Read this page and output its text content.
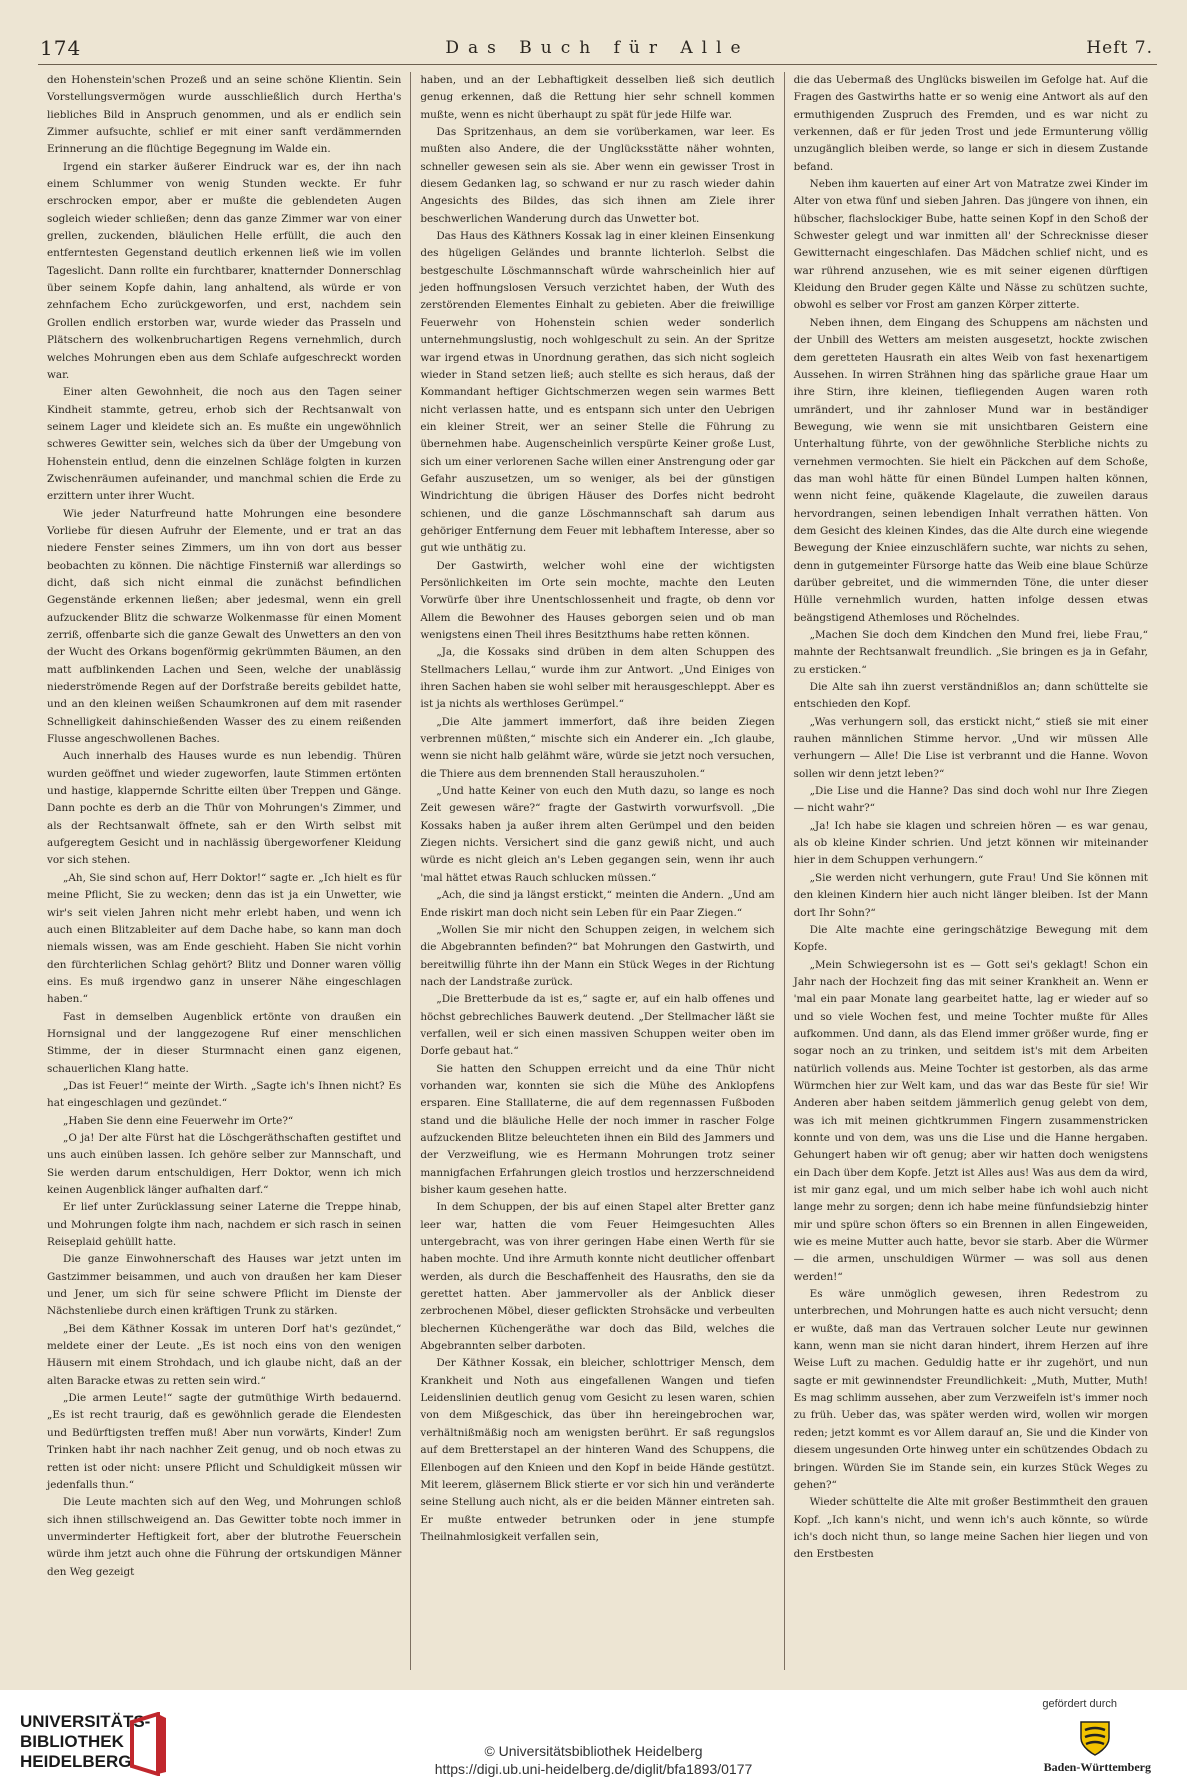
174	Das Buch für Alle	Heft 7.

den Hohenstein'schen Prozeß und an seine schöne Klientin. Sein Vorstellungsvermögen wurde ausschließlich durch Hertha's liebliches Bild in Anspruch genommen, und als er endlich sein Zimmer aufsuchte, schlief er mit einer sanft verdämmernden Erinnerung an die flüchtige Begegnung im Walde ein.

Irgend ein starker äußerer Eindruck war es, der ihn nach einem Schlummer von wenig Stunden weckte. Er fuhr erschrocken empor, aber er mußte die geblendeten Augen sogleich wieder schließen; denn das ganze Zimmer war von einer grellen, zuckenden, bläulichen Helle erfüllt, die auch den entferntesten Gegenstand deutlich erkennen ließ wie im vollen Tageslicht. Dann rollte ein furchtbarer, knatternder Donnerschlag über seinem Kopfe dahin, lang anhaltend, als würde er von zehnfachem Echo zurückgeworfen, und erst, nachdem sein Grollen endlich erstorben war, wurde wieder das Prasseln und Plätschern des wolkenbruchartigen Regens vernehmlich, durch welches Mohrungen eben aus dem Schlafe aufgeschreckt worden war.

Einer alten Gewohnheit, die noch aus den Tagen seiner Kindheit stammte, getreu, erhob sich der Rechtsanwalt von seinem Lager und kleidete sich an. Es mußte ein ungewöhnlich schweres Gewitter sein, welches sich da über der Umgebung von Hohenstein entlud, denn die einzelnen Schläge folgten in kurzen Zwischenräumen aufeinander, und manchmal schien die Erde zu erzittern unter ihrer Wucht.

Wie jeder Naturfreund hatte Mohrungen eine besondere Vorliebe für diesen Aufruhr der Elemente, und er trat an das niedere Fenster seines Zimmers, um ihn von dort aus besser beobachten zu können. Die nächtige Finsterniß war allerdings so dicht, daß sich nicht einmal die zunächst befindlichen Gegenstände erkennen ließen; aber jedesmal, wenn ein grell aufzuckender Blitz die schwarze Wolkenmasse für einen Moment zerriß, offenbarte sich die ganze Gewalt des Unwetters an den von der Wucht des Orkans bogenförmig gekrümmten Bäumen, an den matt aufblinkenden Lachen und Seen, welche der unablässig niederströmende Regen auf der Dorfstraße bereits gebildet hatte, und an den kleinen weißen Schaumkronen auf dem mit rasender Schnelligkeit dahinschießenden Wasser des zu einem reißenden Flusse angeschwollenen Baches.

Auch innerhalb des Hauses wurde es nun lebendig. Thüren wurden geöffnet und wieder zugeworfen, laute Stimmen ertönten und hastige, klappernde Schritte eilten über Treppen und Gänge. Dann pochte es derb an die Thür von Mohrungen's Zimmer, und als der Rechtsanwalt öffnete, sah er den Wirth selbst mit aufgeregtem Gesicht und in nachlässig übergeworfener Kleidung vor sich stehen.

„Ah, Sie sind schon auf, Herr Doktor!“ sagte er. „Ich hielt es für meine Pflicht, Sie zu wecken; denn das ist ja ein Unwetter, wie wir's seit vielen Jahren nicht mehr erlebt haben, und wenn ich auch einen Blitzableiter auf dem Dache habe, so kann man doch niemals wissen, was am Ende geschieht. Haben Sie nicht vorhin den fürchterlichen Schlag gehört? Blitz und Donner waren völlig eins. Es muß irgendwo ganz in unserer Nähe eingeschlagen haben.“

Fast in demselben Augenblick ertönte von draußen ein Hornsignal und der langgezogene Ruf einer menschlichen Stimme, der in dieser Sturmnacht einen ganz eigenen, schauerlichen Klang hatte.

„Das ist Feuer!“ meinte der Wirth. „Sagte ich's Ihnen nicht? Es hat eingeschlagen und gezündet.“

„Haben Sie denn eine Feuerwehr im Orte?“

„O ja! Der alte Fürst hat die Löschgeräthschaften gestiftet und uns auch einüben lassen. Ich gehöre selber zur Mannschaft, und Sie werden darum entschuldigen, Herr Doktor, wenn ich mich keinen Augenblick länger aufhalten darf.“

Er lief unter Zurücklassung seiner Laterne die Treppe hinab, und Mohrungen folgte ihm nach, nachdem er sich rasch in seinen Reiseplaid gehüllt hatte.

Die ganze Einwohnerschaft des Hauses war jetzt unten im Gastzimmer beisammen, und auch von draußen her kam Dieser und Jener, um sich für seine schwere Pflicht im Dienste der Nächstenliebe durch einen kräftigen Trunk zu stärken.

„Bei dem Käthner Kossak im unteren Dorf hat's gezündet,“ meldete einer der Leute. „Es ist noch eins von den wenigen Häusern mit einem Strohdach, und ich glaube nicht, daß an der alten Baracke etwas zu retten sein wird.“

„Die armen Leute!“ sagte der gutmüthige Wirth bedauernd. „Es ist recht traurig, daß es gewöhnlich gerade die Elendesten und Bedürftigsten treffen muß! Aber nun vorwärts, Kinder! Zum Trinken habt ihr nach nachher Zeit genug, und ob noch etwas zu retten ist oder nicht: unsere Pflicht und Schuldigkeit müssen wir jedenfalls thun.“

Die Leute machten sich auf den Weg, und Mohrungen schloß sich ihnen stillschweigend an. Das Gewitter tobte noch immer in unverminderter Heftigkeit fort, aber der blutrothe Feuerschein würde ihm jetzt auch ohne die Führung der ortskundigen Männer den Weg gezeigt

haben, und an der Lebhaftigkeit desselben ließ sich deutlich genug erkennen, daß die Rettung hier sehr schnell kommen mußte, wenn es nicht überhaupt zu spät für jede Hilfe war.

Das Spritzenhaus, an dem sie vorüberkamen, war leer. Es mußten also Andere, die der Unglücksstätte näher wohnten, schneller gewesen sein als sie. Aber wenn ein gewisser Trost in diesem Gedanken lag, so schwand er nur zu rasch wieder dahin Angesichts des Bildes, das sich ihnen am Ziele ihrer beschwerlichen Wanderung durch das Unwetter bot.

Das Haus des Käthners Kossak lag in einer kleinen Einsenkung des hügeligen Geländes und brannte lichterloh. Selbst die bestgeschulte Löschmannschaft würde wahrscheinlich hier auf jeden hoffnungslosen Versuch verzichtet haben, der Wuth des zerstörenden Elementes Einhalt zu gebieten. Aber die freiwillige Feuerwehr von Hohenstein schien weder sonderlich unternehmungslustig, noch wohlgeschult zu sein. An der Spritze war irgend etwas in Unordnung gerathen, das sich nicht sogleich wieder in Stand setzen ließ; auch stellte es sich heraus, daß der Kommandant heftiger Gichtschmerzen wegen sein warmes Bett nicht verlassen hatte, und es entspann sich unter den Uebrigen ein kleiner Streit, wer an seiner Stelle die Führung zu übernehmen habe. Augenscheinlich verspürte Keiner große Lust, sich um einer verlorenen Sache willen einer Anstrengung oder gar Gefahr auszusetzen, um so weniger, als bei der günstigen Windrichtung die übrigen Häuser des Dorfes nicht bedroht schienen, und die ganze Löschmannschaft sah darum aus gehöriger Entfernung dem Feuer mit lebhaftem Interesse, aber so gut wie unthätig zu.

Der Gastwirth, welcher wohl eine der wichtigsten Persönlichkeiten im Orte sein mochte, machte den Leuten Vorwürfe über ihre Unentschlossenheit und fragte, ob denn vor Allem die Bewohner des Hauses geborgen seien und ob man wenigstens einen Theil ihres Besitzthums habe retten können.

„Ja, die Kossaks sind drüben in dem alten Schuppen des Stellmachers Lellau,“ wurde ihm zur Antwort. „Und Einiges von ihren Sachen haben sie wohl selber mit herausgeschleppt. Aber es ist ja nichts als werthloses Gerümpel.“

„Die Alte jammert immerfort, daß ihre beiden Ziegen verbrennen müßten,“ mischte sich ein Anderer ein. „Ich glaube, wenn sie nicht halb gelähmt wäre, würde sie jetzt noch versuchen, die Thiere aus dem brennenden Stall herauszuholen.“

„Und hatte Keiner von euch den Muth dazu, so lange es noch Zeit gewesen wäre?“ fragte der Gastwirth vorwurfsvoll. „Die Kossaks haben ja außer ihrem alten Gerümpel und den beiden Ziegen nichts. Versichert sind die ganz gewiß nicht, und auch würde es nicht gleich an's Leben gegangen sein, wenn ihr auch 'mal hättet etwas Rauch schlucken müssen.“

„Ach, die sind ja längst erstickt,“ meinten die Andern. „Und am Ende riskirt man doch nicht sein Leben für ein Paar Ziegen.“

„Wollen Sie mir nicht den Schuppen zeigen, in welchem sich die Abgebrannten befinden?“ bat Mohrungen den Gastwirth, und bereitwillig führte ihn der Mann ein Stück Weges in der Richtung nach der Landstraße zurück.

„Die Bretterbude da ist es,“ sagte er, auf ein halb offenes und höchst gebrechliches Bauwerk deutend. „Der Stellmacher läßt sie verfallen, weil er sich einen massiven Schuppen weiter oben im Dorfe gebaut hat.“

Sie hatten den Schuppen erreicht und da eine Thür nicht vorhanden war, konnten sie sich die Mühe des Anklopfens ersparen. Eine Stalllaterne, die auf dem regennassen Fußboden stand und die bläuliche Helle der noch immer in rascher Folge aufzuckenden Blitze beleuchteten ihnen ein Bild des Jammers und der Verzweiflung, wie es Hermann Mohrungen trotz seiner mannigfachen Erfahrungen gleich trostlos und herzzerschneidend bisher kaum gesehen hatte.

In dem Schuppen, der bis auf einen Stapel alter Bretter ganz leer war, hatten die vom Feuer Heimgesuchten Alles untergebracht, was von ihrer geringen Habe einen Werth für sie haben mochte. Und ihre Armuth konnte nicht deutlicher offenbart werden, als durch die Beschaffenheit des Hausraths, den sie da gerettet hatten. Aber jammervoller als der Anblick dieser zerbrochenen Möbel, dieser geflickten Strohsäcke und verbeulten blechernen Küchengeräthe war doch das Bild, welches die Abgebrannten selber darboten.

Der Käthner Kossak, ein bleicher, schlottriger Mensch, dem Krankheit und Noth aus eingefallenen Wangen und tiefen Leidenslinien deutlich genug vom Gesicht zu lesen waren, schien von dem Mißgeschick, das über ihn hereingebrochen war, verhältnißmäßig noch am wenigsten berührt. Er saß regungslos auf dem Bretterstapel an der hinteren Wand des Schuppens, die Ellenbogen auf den Knieen und den Kopf in beide Hände gestützt. Mit leerem, gläsernem Blick stierte er vor sich hin und veränderte seine Stellung auch nicht, als er die beiden Männer eintreten sah. Er mußte entweder betrunken oder in jene stumpfe Theilnahmlosigkeit verfallen sein,

die das Uebermaß des Unglücks bisweilen im Gefolge hat. Auf die Fragen des Gastwirths hatte er so wenig eine Antwort als auf den ermuthigenden Zuspruch des Fremden, und es war nicht zu verkennen, daß er für jeden Trost und jede Ermunterung völlig unzugänglich bleiben werde, so lange er sich in diesem Zustande befand.

Neben ihm kauerten auf einer Art von Matratze zwei Kinder im Alter von etwa fünf und sieben Jahren. Das jüngere von ihnen, ein hübscher, flachslockiger Bube, hatte seinen Kopf in den Schoß der Schwester gelegt und war inmitten all' der Schrecknisse dieser Gewitternacht eingeschlafen. Das Mädchen schlief nicht, und es war rührend anzusehen, wie es mit seiner eigenen dürftigen Kleidung den Bruder gegen Kälte und Nässe zu schützen suchte, obwohl es selber vor Frost am ganzen Körper zitterte.

Neben ihnen, dem Eingang des Schuppens am nächsten und der Unbill des Wetters am meisten ausgesetzt, hockte zwischen dem geretteten Hausrath ein altes Weib von fast hexenartigem Aussehen. In wirren Strähnen hing das spärliche graue Haar um ihre Stirn, ihre kleinen, tiefliegenden Augen waren roth umrändert, und ihr zahnloser Mund war in beständiger Bewegung, wie wenn sie mit unsichtbaren Geistern eine Unterhaltung führte, von der gewöhnliche Sterbliche nichts zu vernehmen vermochten. Sie hielt ein Päckchen auf dem Schoße, das man wohl hätte für einen Bündel Lumpen halten können, wenn nicht feine, quäkende Klagelaute, die zuweilen daraus hervordrangen, seinen lebendigen Inhalt verrathen hätten. Von dem Gesicht des kleinen Kindes, das die Alte durch eine wiegende Bewegung der Kniee einzuschläfern suchte, war nichts zu sehen, denn in gutgemeinter Fürsorge hatte das Weib eine blaue Schürze darüber gebreitet, und die wimmernden Töne, die unter dieser Hülle vernehmlich wurden, hatten infolge dessen etwas beängstigend Athemloses und Röchelndes.

„Machen Sie doch dem Kindchen den Mund frei, liebe Frau,“ mahnte der Rechtsanwalt freundlich. „Sie bringen es ja in Gefahr, zu ersticken.“

Die Alte sah ihn zuerst verständnißlos an; dann schüttelte sie entschieden den Kopf.

„Was verhungern soll, das erstickt nicht,“ stieß sie mit einer rauhen männlichen Stimme hervor. „Und wir müssen Alle verhungern — Alle! Die Lise ist verbrannt und die Hanne. Wovon sollen wir denn jetzt leben?“

„Die Lise und die Hanne? Das sind doch wohl nur Ihre Ziegen — nicht wahr?“

„Ja! Ich habe sie klagen und schreien hören — es war genau, als ob kleine Kinder schrien. Und jetzt können wir miteinander hier in dem Schuppen verhungern.“

„Sie werden nicht verhungern, gute Frau! Und Sie können mit den kleinen Kindern hier auch nicht länger bleiben. Ist der Mann dort Ihr Sohn?“

Die Alte machte eine geringschätzige Bewegung mit dem Kopfe.

„Mein Schwiegersohn ist es — Gott sei's geklagt! Schon ein Jahr nach der Hochzeit fing das mit seiner Krankheit an. Wenn er 'mal ein paar Monate lang gearbeitet hatte, lag er wieder auf so und so viele Wochen fest, und meine Tochter mußte für Alles aufkommen. Und dann, als das Elend immer größer wurde, fing er sogar noch an zu trinken, und seitdem ist's mit dem Arbeiten natürlich vollends aus. Meine Tochter ist gestorben, als das arme Würmchen hier zur Welt kam, und das war das Beste für sie! Wir Anderen aber haben seitdem jämmerlich genug gelebt von dem, was ich mit meinen gichtkrummen Fingern zusammenstricken konnte und von dem, was uns die Lise und die Hanne hergaben. Gehungert haben wir oft genug; aber wir hatten doch wenigstens ein Dach über dem Kopfe. Jetzt ist Alles aus! Was aus dem da wird, ist mir ganz egal, und um mich selber habe ich wohl auch nicht lange mehr zu sorgen; denn ich habe meine fünfundsiebzig hinter mir und spüre schon öfters so ein Brennen in allen Eingeweiden, wie es meine Mutter auch hatte, bevor sie starb. Aber die Würmer — die armen, unschuldigen Würmer — was soll aus denen werden!“

Es wäre unmöglich gewesen, ihren Redestrom zu unterbrechen, und Mohrungen hatte es auch nicht versucht; denn er wußte, daß man das Vertrauen solcher Leute nur gewinnen kann, wenn man sie nicht daran hindert, ihrem Herzen auf ihre Weise Luft zu machen. Geduldig hatte er ihr zugehört, und nun sagte er mit gewinnendster Freundlichkeit: „Muth, Mutter, Muth! Es mag schlimm aussehen, aber zum Verzweifeln ist's immer noch zu früh. Ueber das, was später werden wird, wollen wir morgen reden; jetzt kommt es vor Allem darauf an, Sie und die Kinder von diesem ungesunden Orte hinweg unter ein schützendes Obdach zu bringen. Würden Sie im Stande sein, ein kurzes Stück Weges zu gehen?“

Wieder schüttelte die Alte mit großer Bestimmtheit den grauen Kopf. „Ich kann's nicht, und wenn ich's auch könnte, so würde ich's doch nicht thun, so lange meine Sachen hier liegen und von den Erstbesten

UNIVERSITÄTS- BIBLIOTHEK HEIDELBERG
© Universitätsbibliothek Heidelberg
https://digi.ub.uni-heidelberg.de/diglit/bfa1893/0177
gefördert durch
Baden-Württemberg
